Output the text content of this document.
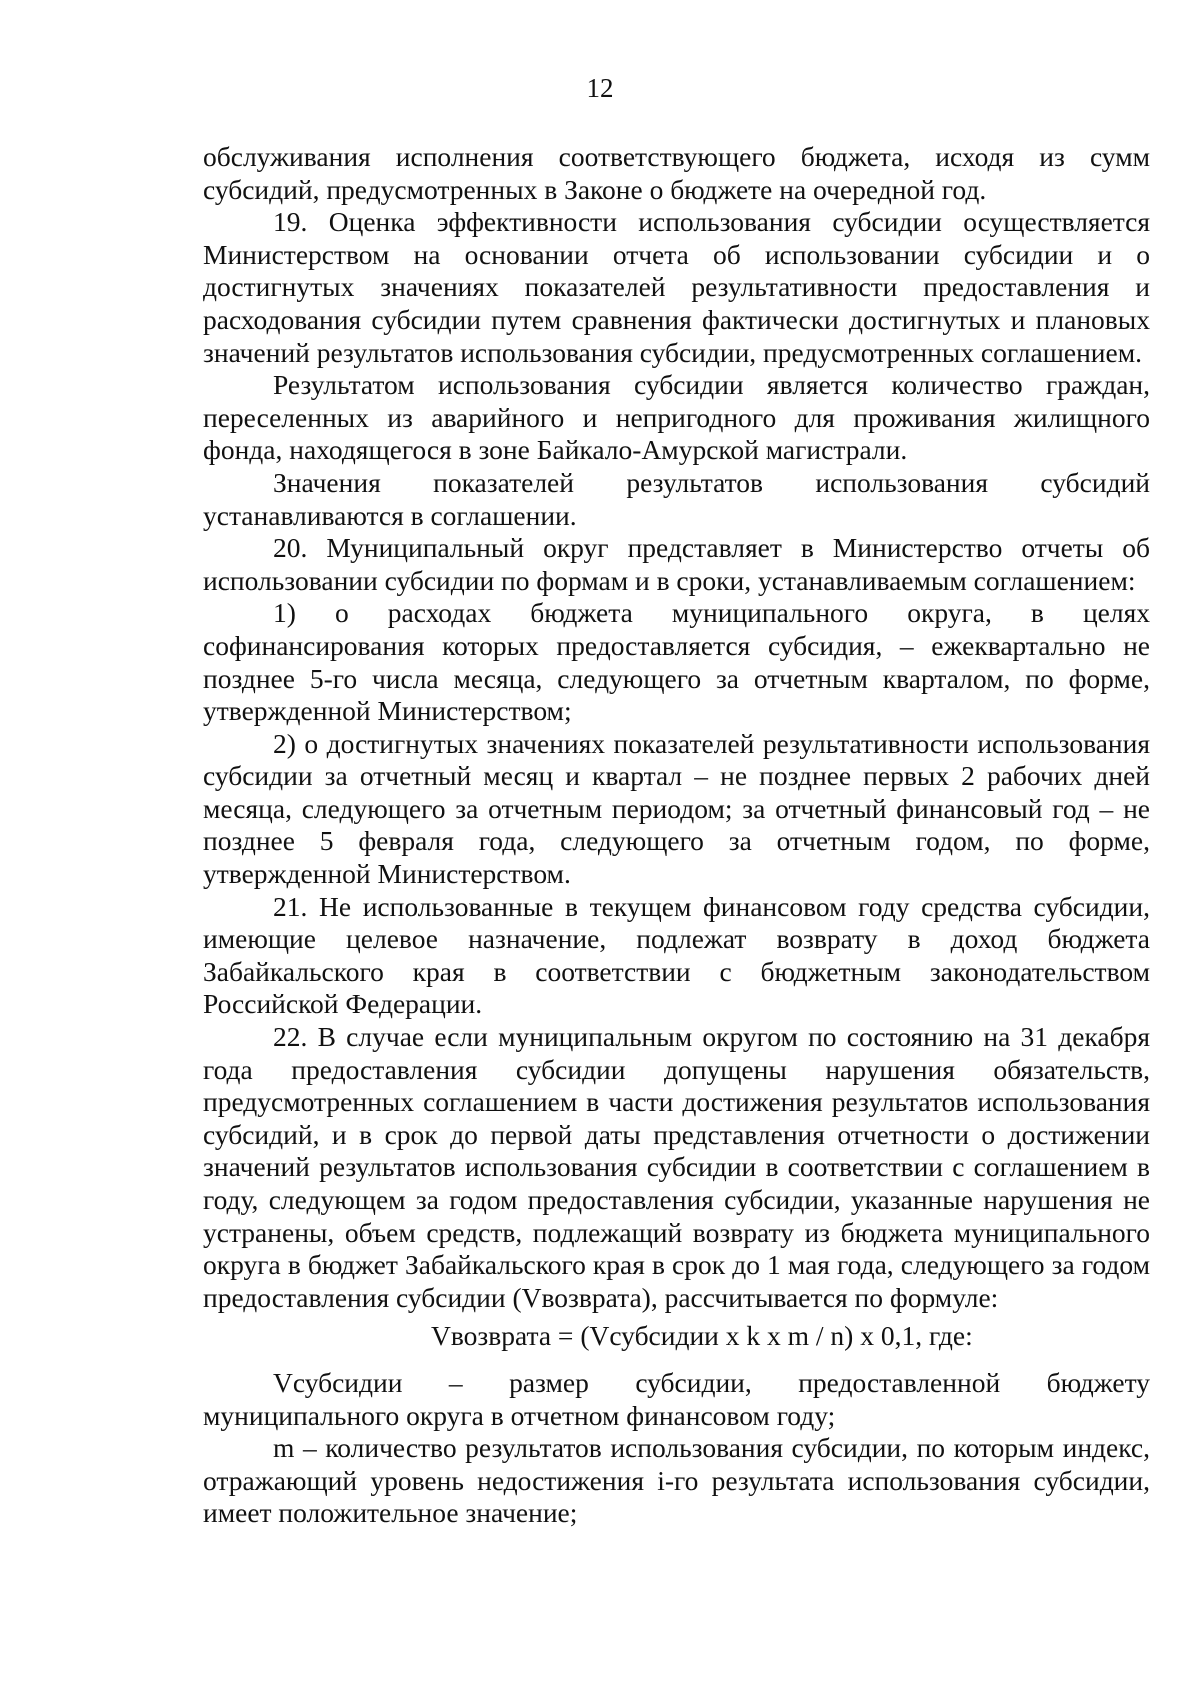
12

обслуживания исполнения соответствующего бюджета, исходя из сумм субсидий, предусмотренных в Законе о бюджете на очередной год.

19. Оценка эффективности использования субсидии осуществляется Министерством на основании отчета об использовании субсидии и о достигнутых значениях показателей результативности предоставления и расходования субсидии путем сравнения фактически достигнутых и плановых значений результатов использования субсидии, предусмотренных соглашением.

Результатом использования субсидии является количество граждан, переселенных из аварийного и непригодного для проживания жилищного фонда, находящегося в зоне Байкало-Амурской магистрали.

Значения показателей результатов использования субсидий устанавливаются в соглашении.

20. Муниципальный округ представляет в Министерство отчеты об использовании субсидии по формам и в сроки, устанавливаемым соглашением:

1) о расходах бюджета муниципального округа, в целях софинансирования которых предоставляется субсидия, – ежеквартально не позднее 5-го числа месяца, следующего за отчетным кварталом, по форме, утвержденной Министерством;

2) о достигнутых значениях показателей результативности использования субсидии за отчетный месяц и квартал – не позднее первых 2 рабочих дней месяца, следующего за отчетным периодом; за отчетный финансовый год – не позднее 5 февраля года, следующего за отчетным годом, по форме, утвержденной Министерством.

21. Не использованные в текущем финансовом году средства субсидии, имеющие целевое назначение, подлежат возврату в доход бюджета Забайкальского края в соответствии с бюджетным законодательством Российской Федерации.

22. В случае если муниципальным округом по состоянию на 31 декабря года предоставления субсидии допущены нарушения обязательств, предусмотренных соглашением в части достижения результатов использования субсидий, и в срок до первой даты представления отчетности о достижении значений результатов использования субсидии в соответствии с соглашением в году, следующем за годом предоставления субсидии, указанные нарушения не устранены, объем средств, подлежащий возврату из бюджета муниципального округа в бюджет Забайкальского края в срок до 1 мая года, следующего за годом предоставления субсидии (Vвозврата), рассчитывается по формуле:

Vвозврата = (Vсубсидии х k x m / n) x 0,1, где:

Vсубсидии – размер субсидии, предоставленной бюджету муниципального округа в отчетном финансовом году;

m – количество результатов использования субсидии, по которым индекс, отражающий уровень недостижения i-го результата использования субсидии, имеет положительное значение;
